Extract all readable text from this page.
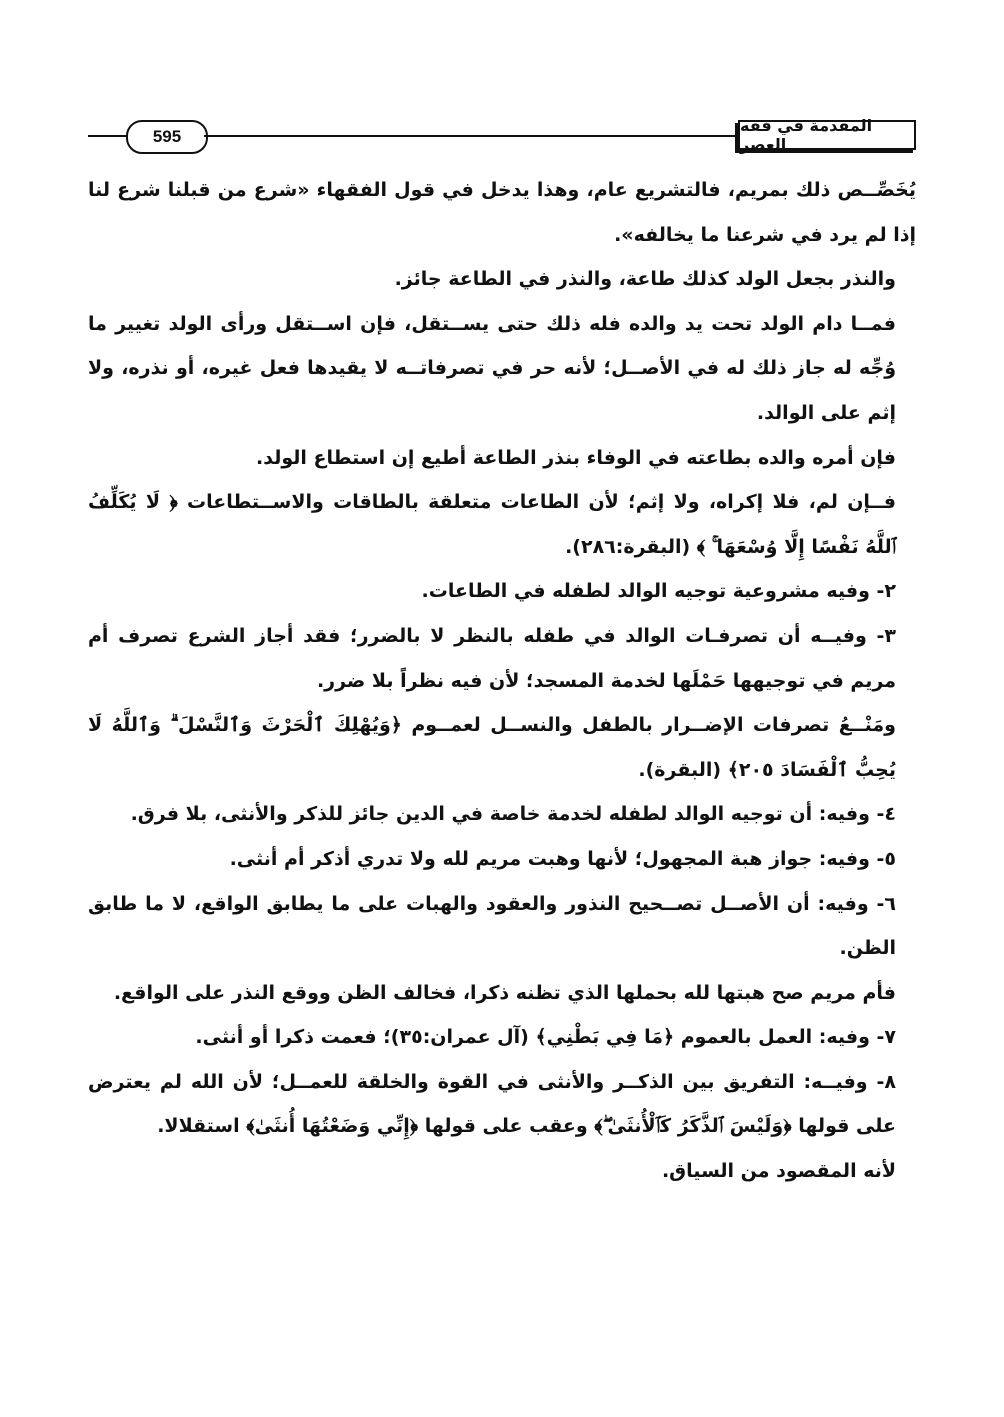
595
المقدمة في فقه العصر

يُخَصِّــص ذلك بمريم، فالتشريع عام، وهذا يدخل في قول الفقهاء «شرع من قبلنا شرع لنا إذا لم يرد في شرعنا ما يخالفه».

والنذر بجعل الولد كذلك طاعة، والنذر في الطاعة جائز.

فمــا دام الولد تحت يد والده فله ذلك حتى يســتقل، فإن اســتقل ورأى الولد تغيير ما وُجِّه له جاز ذلك له في الأصــل؛ لأنه حر في تصرفاتــه لا يقيدها فعل غيره، أو نذره، ولا إثم على الوالد.

فإن أمره والده بطاعته في الوفاء بنذر الطاعة أطيع إن استطاع الولد.

فــإن لم، فلا إكراه، ولا إثم؛ لأن الطاعات متعلقة بالطاقات والاســتطاعات ﴿ لَا يُكَلِّفُ ٱللَّهُ نَفْسًا إِلَّا وُسْعَهَا ۚ ﴾ (البقرة:٢٨٦).

٢- وفيه مشروعية توجيه الوالد لطفله في الطاعات.

٣- وفيــه أن تصرفـات الوالد في طفله بالنظر لا بالضرر؛ فقد أجاز الشرع تصرف أم مريم في توجيهها حَمْلَها لخدمة المسجد؛ لأن فيه نظراً بلا ضرر.

ومَنْــعُ تصرفات الإضــرار بالطفل والنســل لعمــوم ﴿وَيُهْلِكَ ٱلْحَرْثَ وَٱلنَّسْلَ ۗ وَٱللَّهُ لَا يُحِبُّ ٱلْفَسَادَ ٢٠٥﴾ (البقرة).

٤- وفيه: أن توجيه الوالد لطفله لخدمة خاصة في الدين جائز للذكر والأنثى، بلا فرق.

٥- وفيه: جواز هبة المجهول؛ لأنها وهبت مريم لله ولا تدري أذكر أم أنثى.

٦- وفيه: أن الأصــل تصــحيح النذور والعقود والهبات على ما يطابق الواقع، لا ما طابق الظن.

فأم مريم صح هبتها لله بحملها الذي تظنه ذكرا، فخالف الظن ووقع النذر على الواقع.

٧- وفيه: العمل بالعموم ﴿مَا فِي بَطْنِي﴾ (آل عمران:٣٥)؛ فعمت ذكرا أو أنثى.

٨- وفيــه: التفريق بين الذكــر والأنثى في القوة والخلقة للعمــل؛ لأن الله لم يعترض على قولها ﴿وَلَيْسَ ٱلذَّكَرُ كَٱلْأُنثَىٰ ۖ﴾ وعقب على قولها ﴿إِنِّي وَضَعْتُهَا أُنثَىٰ﴾ استقلالا.

لأنه المقصود من السياق.
